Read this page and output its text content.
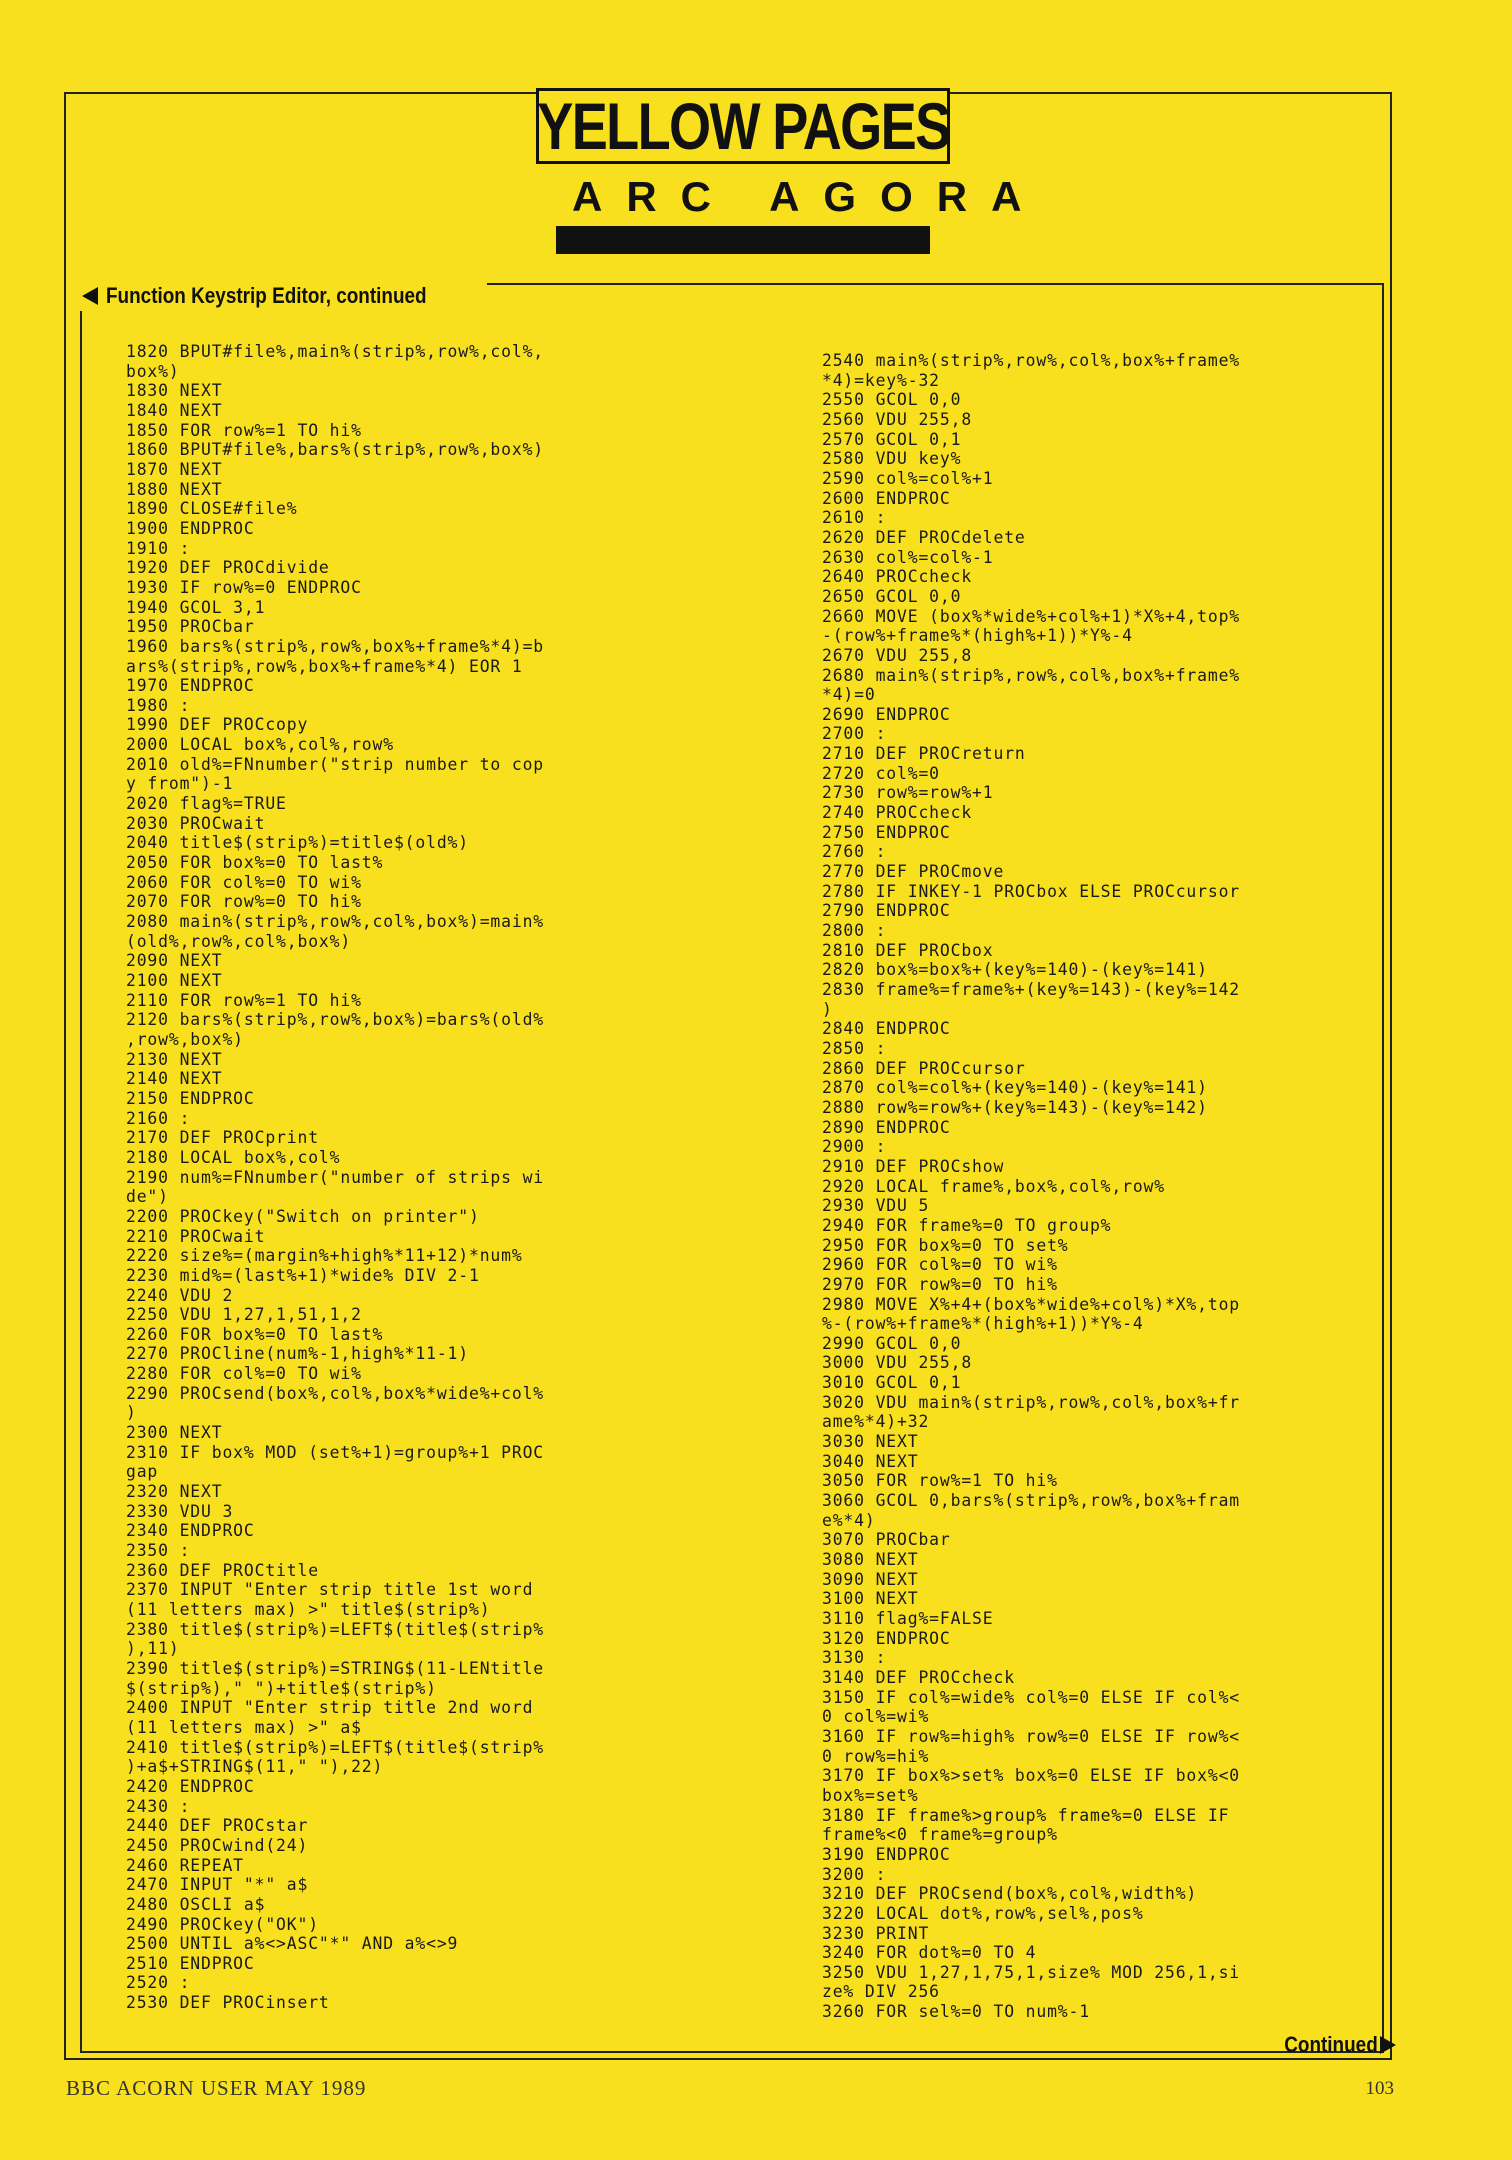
YELLOW PAGES
ARC AGORA
Function Keystrip Editor, continued
1820 BPUT#file%,main%(strip%,row%,col%,
box%)
1830 NEXT
1840 NEXT
1850 FOR row%=1 TO hi%
1860 BPUT#file%,bars%(strip%,row%,box%)
1870 NEXT
1880 NEXT
1890 CLOSE#file%
1900 ENDPROC
1910 :
1920 DEF PROCdivide
1930 IF row%=0 ENDPROC
1940 GCOL 3,1
1950 PROCbar
1960 bars%(strip%,row%,box%+frame%*4)=b
ars%(strip%,row%,box%+frame%*4) EOR 1
1970 ENDPROC
1980 :
1990 DEF PROCcopy
2000 LOCAL box%,col%,row%
2010 old%=FNnumber("strip number to cop
y from")-1
2020 flag%=TRUE
2030 PROCwait
2040 title$(strip%)=title$(old%)
2050 FOR box%=0 TO last%
2060 FOR col%=0 TO wi%
2070 FOR row%=0 TO hi%
2080 main%(strip%,row%,col%,box%)=main%
(old%,row%,col%,box%)
2090 NEXT
2100 NEXT
2110 FOR row%=1 TO hi%
2120 bars%(strip%,row%,box%)=bars%(old%
,row%,box%)
2130 NEXT
2140 NEXT
2150 ENDPROC
2160 :
2170 DEF PROCprint
2180 LOCAL box%,col%
2190 num%=FNnumber("number of strips wi
de")
2200 PROCkey("Switch on printer")
2210 PROCwait
2220 size%=(margin%+high%*11+12)*num%
2230 mid%=(last%+1)*wide% DIV 2-1
2240 VDU 2
2250 VDU 1,27,1,51,1,2
2260 FOR box%=0 TO last%
2270 PROCline(num%-1,high%*11-1)
2280 FOR col%=0 TO wi%
2290 PROCsend(box%,col%,box%*wide%+col%
)
2300 NEXT
2310 IF box% MOD (set%+1)=group%+1 PROC
gap
2320 NEXT
2330 VDU 3
2340 ENDPROC
2350 :
2360 DEF PROCtitle
2370 INPUT "Enter strip title 1st word
(11 letters max) >" title$(strip%)
2380 title$(strip%)=LEFT$(title$(strip%
),11)
2390 title$(strip%)=STRING$(11-LENtitle
$(strip%)," ")+title$(strip%)
2400 INPUT "Enter strip title 2nd word
(11 letters max) >" a$
2410 title$(strip%)=LEFT$(title$(strip%
)+a$+STRING$(11," "),22)
2420 ENDPROC
2430 :
2440 DEF PROCstar
2450 PROCwind(24)
2460 REPEAT
2470 INPUT "*" a$
2480 OSCLI a$
2490 PROCkey("OK")
2500 UNTIL a%<>ASC"*" AND a%<>9
2510 ENDPROC
2520 :
2530 DEF PROCinsert

2540 main%(strip%,row%,col%,box%+frame%
*4)=key%-32
2550 GCOL 0,0
2560 VDU 255,8
2570 GCOL 0,1
2580 VDU key%
2590 col%=col%+1
2600 ENDPROC
2610 :
2620 DEF PROCdelete
2630 col%=col%-1
2640 PROCcheck
2650 GCOL 0,0
2660 MOVE (box%*wide%+col%+1)*X%+4,top%
-(row%+frame%*(high%+1))*Y%-4
2670 VDU 255,8
2680 main%(strip%,row%,col%,box%+frame%
*4)=0
2690 ENDPROC
2700 :
2710 DEF PROCreturn
2720 col%=0
2730 row%=row%+1
2740 PROCcheck
2750 ENDPROC
2760 :
2770 DEF PROCmove
2780 IF INKEY-1 PROCbox ELSE PROCcursor
2790 ENDPROC
2800 :
2810 DEF PROCbox
2820 box%=box%+(key%=140)-(key%=141)
2830 frame%=frame%+(key%=143)-(key%=142
)
2840 ENDPROC
2850 :
2860 DEF PROCcursor
2870 col%=col%+(key%=140)-(key%=141)
2880 row%=row%+(key%=143)-(key%=142)
2890 ENDPROC
2900 :
2910 DEF PROCshow
2920 LOCAL frame%,box%,col%,row%
2930 VDU 5
2940 FOR frame%=0 TO group%
2950 FOR box%=0 TO set%
2960 FOR col%=0 TO wi%
2970 FOR row%=0 TO hi%
2980 MOVE X%+4+(box%*wide%+col%)*X%,top
%-(row%+frame%*(high%+1))*Y%-4
2990 GCOL 0,0
3000 VDU 255,8
3010 GCOL 0,1
3020 VDU main%(strip%,row%,col%,box%+fr
ame%*4)+32
3030 NEXT
3040 NEXT
3050 FOR row%=1 TO hi%
3060 GCOL 0,bars%(strip%,row%,box%+fram
e%*4)
3070 PROCbar
3080 NEXT
3090 NEXT
3100 NEXT
3110 flag%=FALSE
3120 ENDPROC
3130 :
3140 DEF PROCcheck
3150 IF col%=wide% col%=0 ELSE IF col%<
0 col%=wi%
3160 IF row%=high% row%=0 ELSE IF row%<
0 row%=hi%
3170 IF box%>set% box%=0 ELSE IF box%<0
box%=set%
3180 IF frame%>group% frame%=0 ELSE IF
frame%<0 frame%=group%
3190 ENDPROC
3200 :
3210 DEF PROCsend(box%,col%,width%)
3220 LOCAL dot%,row%,sel%,pos%
3230 PRINT
3240 FOR dot%=0 TO 4
3250 VDU 1,27,1,75,1,size% MOD 256,1,si
ze% DIV 256
3260 FOR sel%=0 TO num%-1

Continued
BBC ACORN USER MAY 1989	103
